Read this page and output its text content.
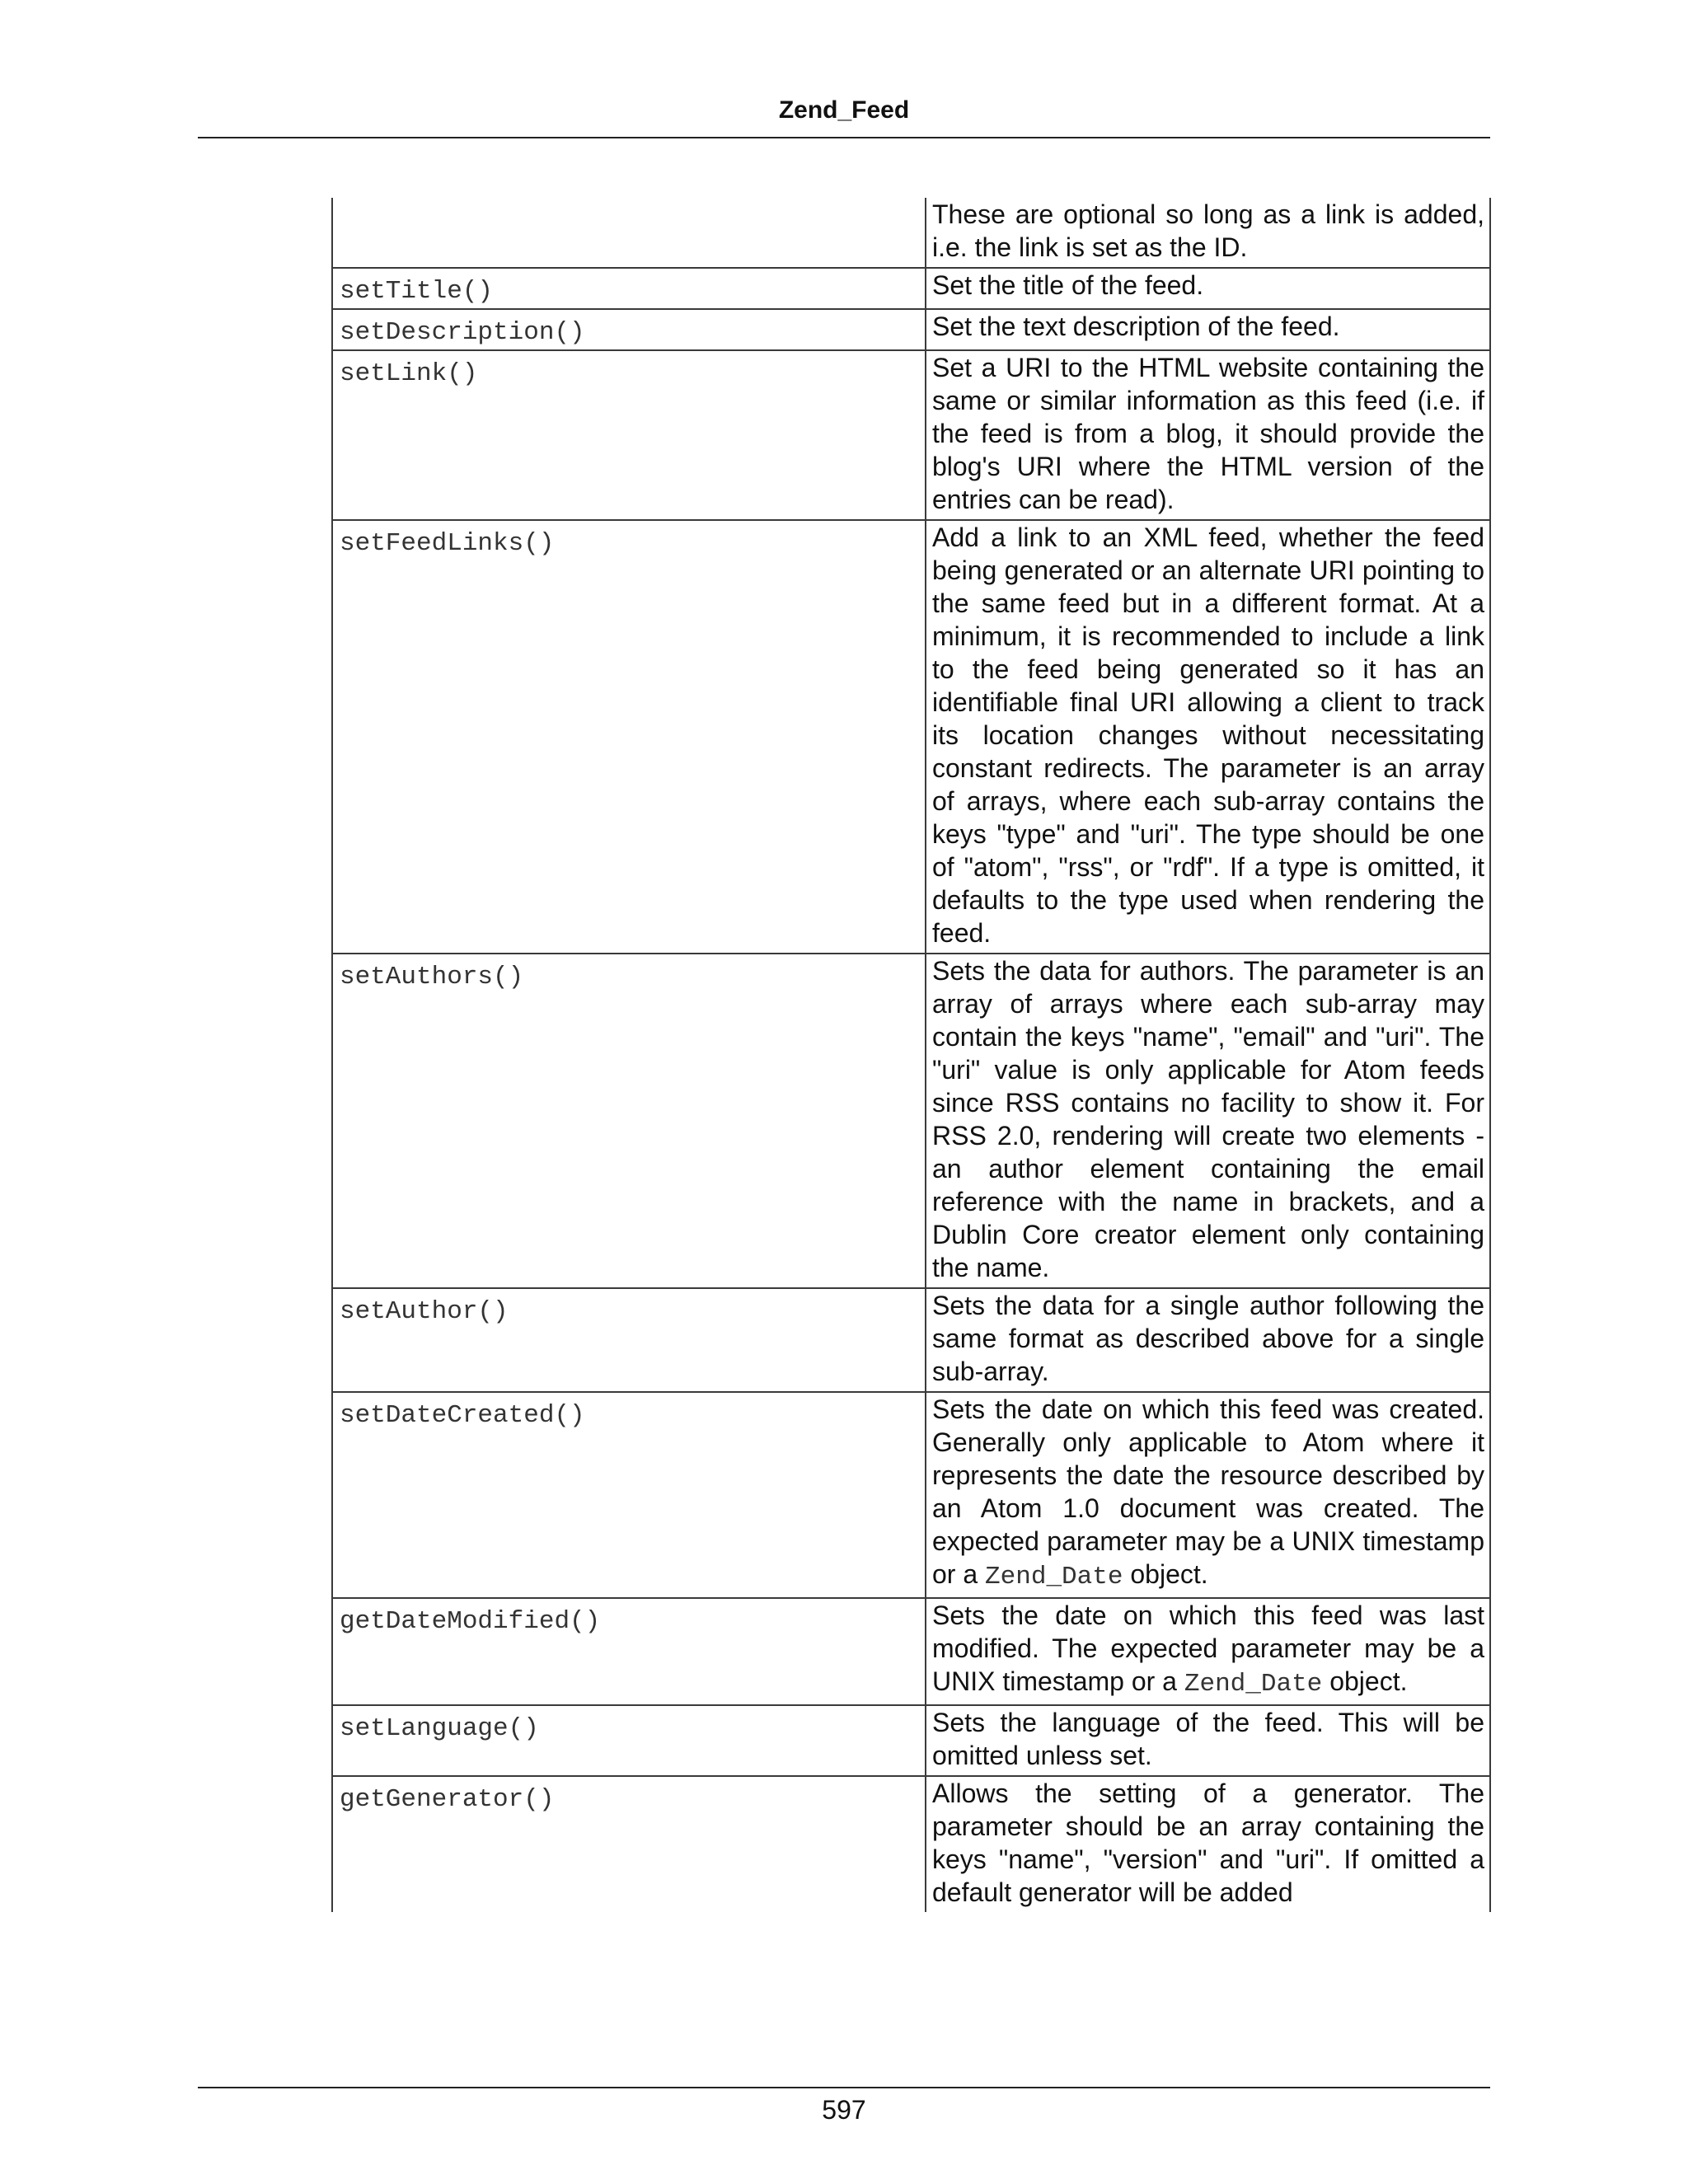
Zend_Feed
	These are optional so long as a link is added, i.e. the link is set as the ID.
setTitle()	Set the title of the feed.
setDescription()	Set the text description of the feed.
setLink()	Set a URI to the HTML website containing the same or similar information as this feed (i.e. if the feed is from a blog, it should provide the blog's URI where the HTML version of the entries can be read).
setFeedLinks()	Add a link to an XML feed, whether the feed being generated or an alternate URI pointing to the same feed but in a different format. At a minimum, it is recommended to include a link to the feed being generated so it has an identifiable final URI allowing a client to track its location changes without necessitating constant redirects. The parameter is an array of arrays, where each sub-array contains the keys "type" and "uri". The type should be one of "atom", "rss", or "rdf". If a type is omitted, it defaults to the type used when rendering the feed.
setAuthors()	Sets the data for authors. The parameter is an array of arrays where each sub-array may contain the keys "name", "email" and "uri". The "uri" value is only applicable for Atom feeds since RSS contains no facility to show it. For RSS 2.0, rendering will create two elements - an author element containing the email reference with the name in brackets, and a Dublin Core creator element only containing the name.
setAuthor()	Sets the data for a single author following the same format as described above for a single sub-array.
setDateCreated()	Sets the date on which this feed was created. Generally only applicable to Atom where it represents the date the resource described by an Atom 1.0 document was created. The expected parameter may be a UNIX timestamp or a Zend_Date object.
getDateModified()	Sets the date on which this feed was last modified. The expected parameter may be a UNIX timestamp or a Zend_Date object.
setLanguage()	Sets the language of the feed. This will be omitted unless set.
getGenerator()	Allows the setting of a generator. The parameter should be an array containing the keys "name", "version" and "uri". If omitted a default generator will be added
597
